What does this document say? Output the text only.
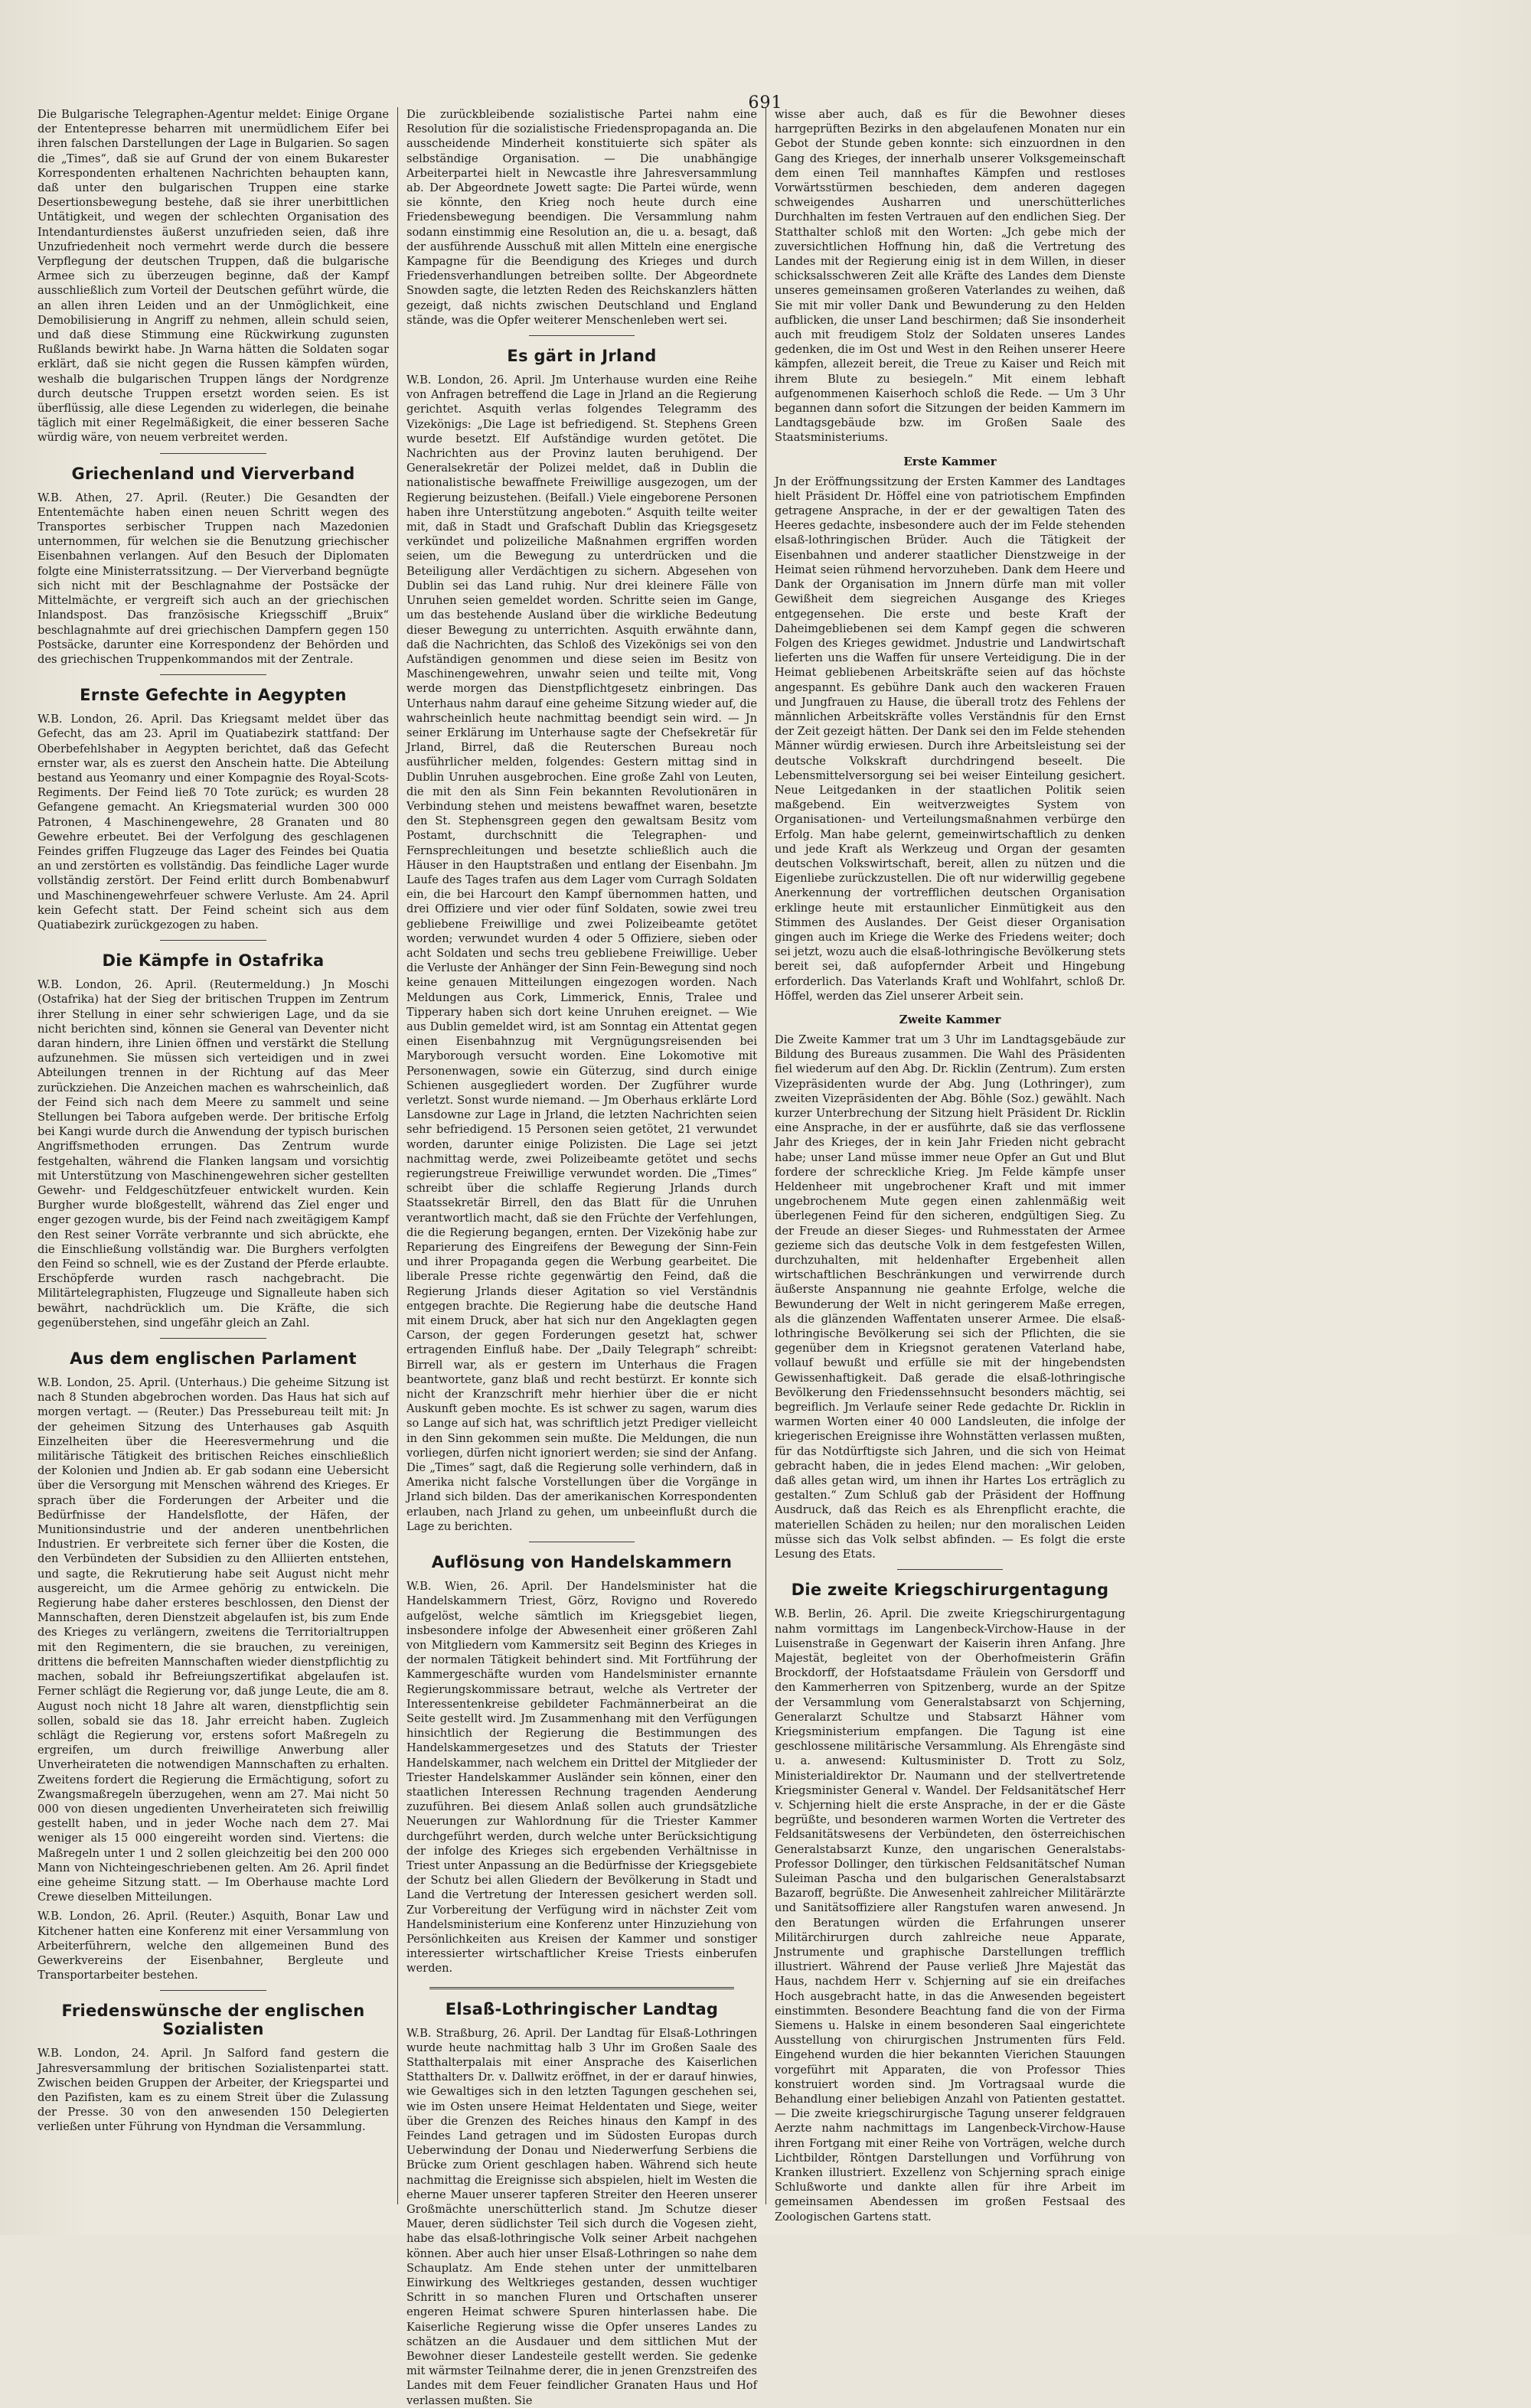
691

Die Bulgarische Telegraphen-Agentur meldet: Einige Organe der Ententepresse beharren mit unermüdlichem Eifer bei ihren falschen Darstellungen der Lage in Bulgarien. So sagen die „Times“, daß sie auf Grund der von einem Bukarester Korrespondenten erhaltenen Nachrichten behaupten kann, daß unter den bulgarischen Truppen eine starke Desertionsbewegung bestehe, daß sie ihrer unerbittlichen Untätigkeit, und wegen der schlechten Organisation des Intendanturdienstes äußerst unzufrieden seien, daß ihre Unzufriedenheit noch vermehrt werde durch die bessere Verpflegung der deutschen Truppen, daß die bulgarische Armee sich zu überzeugen beginne, daß der Kampf ausschließlich zum Vorteil der Deutschen geführt würde, die an allen ihren Leiden und an der Unmöglichkeit, eine Demobilisierung in Angriff zu nehmen, allein schuld seien, und daß diese Stimmung eine Rückwirkung zugunsten Rußlands bewirkt habe. Jn Warna hätten die Soldaten sogar erklärt, daß sie nicht gegen die Russen kämpfen würden, weshalb die bulgarischen Truppen längs der Nordgrenze durch deutsche Truppen ersetzt worden seien. Es ist überflüssig, alle diese Legenden zu widerlegen, die beinahe täglich mit einer Regelmäßigkeit, die einer besseren Sache würdig wäre, von neuem verbreitet werden.

Griechenland und Vierverband

W.B. Athen, 27. April. (Reuter.) Die Gesandten der Ententemächte haben einen neuen Schritt wegen des Transportes serbischer Truppen nach Mazedonien unternommen, für welchen sie die Benutzung griechischer Eisenbahnen verlangen. Auf den Besuch der Diplomaten folgte eine Ministerratssitzung. — Der Vierverband begnügte sich nicht mit der Beschlagnahme der Postsäcke der Mittelmächte, er vergreift sich auch an der griechischen Inlandspost. Das französische Kriegsschiff „Bruix“ beschlagnahmte auf drei griechischen Dampfern gegen 150 Postsäcke, darunter eine Korrespondenz der Behörden und des griechischen Truppenkommandos mit der Zentrale.

Ernste Gefechte in Aegypten

W.B. London, 26. April. Das Kriegsamt meldet über das Gefecht, das am 23. April im Quatiabezirk stattfand: Der Oberbefehlshaber in Aegypten berichtet, daß das Gefecht ernster war, als es zuerst den Anschein hatte. Die Abteilung bestand aus Yeomanry und einer Kompagnie des Royal-Scots-Regiments. Der Feind ließ 70 Tote zurück; es wurden 28 Gefangene gemacht. An Kriegsmaterial wurden 300 000 Patronen, 4 Maschinengewehre, 28 Granaten und 80 Gewehre erbeutet. Bei der Verfolgung des geschlagenen Feindes griffen Flugzeuge das Lager des Feindes bei Quatia an und zerstörten es vollständig. Das feindliche Lager wurde vollständig zerstört. Der Feind erlitt durch Bombenabwurf und Maschinengewehrfeuer schwere Verluste. Am 24. April kein Gefecht statt. Der Feind scheint sich aus dem Quatiabezirk zurückgezogen zu haben.

Die Kämpfe in Ostafrika

W.B. London, 26. April. (Reutermeldung.) Jn Moschi (Ostafrika) hat der Sieg der britischen Truppen im Zentrum ihrer Stellung in einer sehr schwierigen Lage, und da sie nicht berichten sind, können sie General van Deventer nicht daran hindern, ihre Linien öffnen und verstärkt die Stellung aufzunehmen. Sie müssen sich verteidigen und in zwei Abteilungen trennen in der Richtung auf das Meer zurückziehen. Die Anzeichen machen es wahrscheinlich, daß der Feind sich nach dem Meere zu sammelt und seine Stellungen bei Tabora aufgeben werde. Der britische Erfolg bei Kangi wurde durch die Anwendung der typisch burischen Angriffsmethoden errungen. Das Zentrum wurde festgehalten, während die Flanken langsam und vorsichtig mit Unterstützung von Maschinengewehren sicher gestellten Gewehr- und Feldgeschützfeuer entwickelt wurden. Kein Burgher wurde bloßgestellt, während das Ziel enger und enger gezogen wurde, bis der Feind nach zweitägigem Kampf den Rest seiner Vorräte verbrannte und sich abrückte, ehe die Einschließung vollständig war. Die Burghers verfolgten den Feind so schnell, wie es der Zustand der Pferde erlaubte. Erschöpferde wurden rasch nachgebracht. Die Militärtelegraphisten, Flugzeuge und Signalleute haben sich bewährt, nachdrücklich um. Die Kräfte, die sich gegenüberstehen, sind ungefähr gleich an Zahl.

Aus dem englischen Parlament

W.B. London, 25. April. (Unterhaus.) Die geheime Sitzung ist nach 8 Stunden abgebrochen worden. Das Haus hat sich auf morgen vertagt. — (Reuter.) Das Pressebureau teilt mit: Jn der geheimen Sitzung des Unterhauses gab Asquith Einzelheiten über die Heeresvermehrung und die militärische Tätigkeit des britischen Reiches einschließlich der Kolonien und Jndien ab. Er gab sodann eine Uebersicht über die Versorgung mit Menschen während des Krieges. Er sprach über die Forderungen der Arbeiter und die Bedürfnisse der Handelsflotte, der Häfen, der Munitionsindustrie und der anderen unentbehrlichen Industrien. Er verbreitete sich ferner über die Kosten, die den Verbündeten der Subsidien zu den Alliierten entstehen, und sagte, die Rekrutierung habe seit August nicht mehr ausgereicht, um die Armee gehörig zu entwickeln. Die Regierung habe daher ersteres beschlossen, den Dienst der Mannschaften, deren Dienstzeit abgelaufen ist, bis zum Ende des Krieges zu verlängern, zweitens die Territorialtruppen mit den Regimentern, die sie brauchen, zu vereinigen, drittens die befreiten Mannschaften wieder dienstpflichtig zu machen, sobald ihr Befreiungszertifikat abgelaufen ist. Ferner schlägt die Regierung vor, daß junge Leute, die am 8. August noch nicht 18 Jahre alt waren, dienstpflichtig sein sollen, sobald sie das 18. Jahr erreicht haben. Zugleich schlägt die Regierung vor, erstens sofort Maßregeln zu ergreifen, um durch freiwillige Anwerbung aller Unverheirateten die notwendigen Mannschaften zu erhalten. Zweitens fordert die Regierung die Ermächtigung, sofort zu Zwangsmaßregeln überzugehen, wenn am 27. Mai nicht 50 000 von diesen ungedienten Unverheirateten sich freiwillig gestellt haben, und in jeder Woche nach dem 27. Mai weniger als 15 000 eingereiht worden sind. Viertens: die Maßregeln unter 1 und 2 sollen gleichzeitig bei den 200 000 Mann von Nichteingeschriebenen gelten. Am 26. April findet eine geheime Sitzung statt. — Im Oberhause machte Lord Crewe dieselben Mitteilungen.

W.B. London, 26. April. (Reuter.) Asquith, Bonar Law und Kitchener hatten eine Konferenz mit einer Versammlung von Arbeiterführern, welche den allgemeinen Bund des Gewerkvereins der Eisenbahner, Bergleute und Transportarbeiter bestehen.

Friedenswünsche der englischen Sozialisten

W.B. London, 24. April. Jn Salford fand gestern die Jahresversammlung der britischen Sozialistenpartei statt. Zwischen beiden Gruppen der Arbeiter, der Kriegspartei und den Pazifisten, kam es zu einem Streit über die Zulassung der Presse. 30 von den anwesenden 150 Delegierten verließen unter Führung von Hyndman die Versammlung.

Die zurückbleibende sozialistische Partei nahm eine Resolution für die sozialistische Friedenspropaganda an. Die ausscheidende Minderheit konstituierte sich später als selbständige Organisation. — Die unabhängige Arbeiterpartei hielt in Newcastle ihre Jahresversammlung ab. Der Abgeordnete Jowett sagte: Die Partei würde, wenn sie könnte, den Krieg noch heute durch eine Friedensbewegung beendigen. Die Versammlung nahm sodann einstimmig eine Resolution an, die u. a. besagt, daß der ausführende Ausschuß mit allen Mitteln eine energische Kampagne für die Beendigung des Krieges und durch Friedensverhandlungen betreiben sollte. Der Abgeordnete Snowden sagte, die letzten Reden des Reichskanzlers hätten gezeigt, daß nichts zwischen Deutschland und England stände, was die Opfer weiterer Menschenleben wert sei.

Es gärt in Jrland

W.B. London, 26. April. Jm Unterhause wurden eine Reihe von Anfragen betreffend die Lage in Jrland an die Regierung gerichtet. Asquith verlas folgendes Telegramm des Vizekönigs: „Die Lage ist befriedigend. St. Stephens Green wurde besetzt. Elf Aufständige wurden getötet. Die Nachrichten aus der Provinz lauten beruhigend. Der Generalsekretär der Polizei meldet, daß in Dublin die nationalistische bewaffnete Freiwillige ausgezogen, um der Regierung beizustehen. (Beifall.) Viele eingeborene Personen haben ihre Unterstützung angeboten.“ Asquith teilte weiter mit, daß in Stadt und Grafschaft Dublin das Kriegsgesetz verkündet und polizeiliche Maßnahmen ergriffen worden seien, um die Bewegung zu unterdrücken und die Beteiligung aller Verdächtigen zu sichern. Abgesehen von Dublin sei das Land ruhig. Nur drei kleinere Fälle von Unruhen seien gemeldet worden. Schritte seien im Gange, um das bestehende Ausland über die wirkliche Bedeutung dieser Bewegung zu unterrichten. Asquith erwähnte dann, daß die Nachrichten, das Schloß des Vizekönigs sei von den Aufständigen genommen und diese seien im Besitz von Maschinengewehren, unwahr seien und teilte mit, Vong werde morgen das Dienstpflichtgesetz einbringen. Das Unterhaus nahm darauf eine geheime Sitzung wieder auf, die wahrscheinlich heute nachmittag beendigt sein wird. — Jn seiner Erklärung im Unterhause sagte der Chefsekretär für Jrland, Birrel, daß die Reuterschen Bureau noch ausführlicher melden, folgendes: Gestern mittag sind in Dublin Unruhen ausgebrochen. Eine große Zahl von Leuten, die mit den als Sinn Fein bekannten Revolutionären in Verbindung stehen und meistens bewaffnet waren, besetzte den St. Stephensgreen gegen den gewaltsam Besitz vom Postamt, durchschnitt die Telegraphen- und Fernsprechleitungen und besetzte schließlich auch die Häuser in den Hauptstraßen und entlang der Eisenbahn. Jm Laufe des Tages trafen aus dem Lager vom Curragh Soldaten ein, die bei Harcourt den Kampf übernommen hatten, und drei Offiziere und vier oder fünf Soldaten, sowie zwei treu gebliebene Freiwillige und zwei Polizeibeamte getötet worden; verwundet wurden 4 oder 5 Offiziere, sieben oder acht Soldaten und sechs treu gebliebene Freiwillige. Ueber die Verluste der Anhänger der Sinn Fein-Bewegung sind noch keine genauen Mitteilungen eingezogen worden. Nach Meldungen aus Cork, Limmerick, Ennis, Tralee und Tipperary haben sich dort keine Unruhen ereignet. — Wie aus Dublin gemeldet wird, ist am Sonntag ein Attentat gegen einen Eisenbahnzug mit Vergnügungsreisenden bei Maryborough versucht worden. Eine Lokomotive mit Personenwagen, sowie ein Güterzug, sind durch einige Schienen ausgegliedert worden. Der Zugführer wurde verletzt. Sonst wurde niemand. — Jm Oberhaus erklärte Lord Lansdowne zur Lage in Jrland, die letzten Nachrichten seien sehr befriedigend. 15 Personen seien getötet, 21 verwundet worden, darunter einige Polizisten. Die Lage sei jetzt nachmittag werde, zwei Polizeibeamte getötet und sechs regierungstreue Freiwillige verwundet worden. Die „Times“ schreibt über die schlaffe Regierung Jrlands durch Staatssekretär Birrell, den das Blatt für die Unruhen verantwortlich macht, daß sie den Früchte der Verfehlungen, die die Regierung begangen, ernten. Der Vizekönig habe zur Reparierung des Eingreifens der Bewegung der Sinn-Fein und ihrer Propaganda gegen die Werbung gearbeitet. Die liberale Presse richte gegenwärtig den Feind, daß die Regierung Jrlands dieser Agitation so viel Verständnis entgegen brachte. Die Regierung habe die deutsche Hand mit einem Druck, aber hat sich nur den Angeklagten gegen Carson, der gegen Forderungen gesetzt hat, schwer ertragenden Einfluß habe. Der „Daily Telegraph“ schreibt: Birrell war, als er gestern im Unterhaus die Fragen beantwortete, ganz blaß und recht bestürzt. Er konnte sich nicht der Kranzschrift mehr hierhier über die er nicht Auskunft geben mochte. Es ist schwer zu sagen, warum dies so Lange auf sich hat, was schriftlich jetzt Prediger vielleicht in den Sinn gekommen sein mußte. Die Meldungen, die nun vorliegen, dürfen nicht ignoriert werden; sie sind der Anfang. Die „Times“ sagt, daß die Regierung solle verhindern, daß in Amerika nicht falsche Vorstellungen über die Vorgänge in Jrland sich bilden. Das der amerikanischen Korrespondenten erlauben, nach Jrland zu gehen, um unbeeinflußt durch die Lage zu berichten.

Auflösung von Handelskammern

W.B. Wien, 26. April. Der Handelsminister hat die Handelskammern Triest, Görz, Rovigno und Roveredo aufgelöst, welche sämtlich im Kriegsgebiet liegen, insbesondere infolge der Abwesenheit einer größeren Zahl von Mitgliedern vom Kammersitz seit Beginn des Krieges in der normalen Tätigkeit behindert sind. Mit Fortführung der Kammergeschäfte wurden vom Handelsminister ernannte Regierungskommissare betraut, welche als Vertreter der Interessentenkreise gebildeter Fachmännerbeirat an die Seite gestellt wird. Jm Zusammenhang mit den Verfügungen hinsichtlich der Regierung die Bestimmungen des Handelskammergesetzes und des Statuts der Triester Handelskammer, nach welchem ein Drittel der Mitglieder der Triester Handelskammer Ausländer sein können, einer den staatlichen Interessen Rechnung tragenden Aenderung zuzuführen. Bei diesem Anlaß sollen auch grundsätzliche Neuerungen zur Wahlordnung für die Triester Kammer durchgeführt werden, durch welche unter Berücksichtigung der infolge des Krieges sich ergebenden Verhältnisse in Triest unter Anpassung an die Bedürfnisse der Kriegsgebiete der Schutz bei allen Gliedern der Bevölkerung in Stadt und Land die Vertretung der Interessen gesichert werden soll. Zur Vorbereitung der Verfügung wird in nächster Zeit vom Handelsministerium eine Konferenz unter Hinzuziehung von Persönlichkeiten aus Kreisen der Kammer und sonstiger interessierter wirtschaftlicher Kreise Triests einberufen werden.

Elsaß-Lothringischer Landtag

W.B. Straßburg, 26. April. Der Landtag für Elsaß-Lothringen wurde heute nachmittag halb 3 Uhr im Großen Saale des Statthalterpalais mit einer Ansprache des Kaiserlichen Statthalters Dr. v. Dallwitz eröffnet, in der er darauf hinwies, wie Gewaltiges sich in den letzten Tagungen geschehen sei, wie im Osten unsere Heimat Heldentaten und Siege, weiter über die Grenzen des Reiches hinaus den Kampf in des Feindes Land getragen und im Südosten Europas durch Ueberwindung der Donau und Niederwerfung Serbiens die Brücke zum Orient geschlagen haben. Während sich heute nachmittag die Ereignisse sich abspielen, hielt im Westen die eherne Mauer unserer tapferen Streiter den Heeren unserer Großmächte unerschütterlich stand. Jm Schutze dieser Mauer, deren südlichster Teil sich durch die Vogesen zieht, habe das elsaß-lothringische Volk seiner Arbeit nachgehen können. Aber auch hier unser Elsaß-Lothringen so nahe dem Schauplatz. Am Ende stehen unter der unmittelbaren Einwirkung des Weltkrieges gestanden, dessen wuchtiger Schritt in so manchen Fluren und Ortschaften unserer engeren Heimat schwere Spuren hinterlassen habe. Die Kaiserliche Regierung wisse die Opfer unseres Landes zu schätzen an die Ausdauer und dem sittlichen Mut der Bewohner dieser Landesteile gestellt werden. Sie gedenke mit wärmster Teilnahme derer, die in jenen Grenzstreifen des Landes mit dem Feuer feindlicher Granaten Haus und Hof verlassen mußten. Sie

wisse aber auch, daß es für die Bewohner dieses harrgeprüften Bezirks in den abgelaufenen Monaten nur ein Gebot der Stunde geben konnte: sich einzuordnen in den Gang des Krieges, der innerhalb unserer Volksgemeinschaft dem einen Teil mannhaftes Kämpfen und restloses Vorwärtsstürmen beschieden, dem anderen dagegen schweigendes Ausharren und unerschütterliches Durchhalten im festen Vertrauen auf den endlichen Sieg. Der Statthalter schloß mit den Worten: „Jch gebe mich der zuversichtlichen Hoffnung hin, daß die Vertretung des Landes mit der Regierung einig ist in dem Willen, in dieser schicksalsschweren Zeit alle Kräfte des Landes dem Dienste unseres gemeinsamen großeren Vaterlandes zu weihen, daß Sie mit mir voller Dank und Bewunderung zu den Helden aufblicken, die unser Land beschirmen; daß Sie insonderheit auch mit freudigem Stolz der Soldaten unseres Landes gedenken, die im Ost und West in den Reihen unserer Heere kämpfen, allezeit bereit, die Treue zu Kaiser und Reich mit ihrem Blute zu besiegeln.“ Mit einem lebhaft aufgenommenen Kaiserhoch schloß die Rede. — Um 3 Uhr begannen dann sofort die Sitzungen der beiden Kammern im Landtagsgebäude bzw. im Großen Saale des Staatsministeriums.

Erste Kammer

Jn der Eröffnungssitzung der Ersten Kammer des Landtages hielt Präsident Dr. Höffel eine von patriotischem Empfinden getragene Ansprache, in der er der gewaltigen Taten des Heeres gedachte, insbesondere auch der im Felde stehenden elsaß-lothringischen Brüder. Auch die Tätigkeit der Eisenbahnen und anderer staatlicher Dienstzweige in der Heimat seien rühmend hervorzuheben. Dank dem Heere und Dank der Organisation im Jnnern dürfe man mit voller Gewißheit dem siegreichen Ausgange des Krieges entgegensehen. Die erste und beste Kraft der Daheimgebliebenen sei dem Kampf gegen die schweren Folgen des Krieges gewidmet. Jndustrie und Landwirtschaft lieferten uns die Waffen für unsere Verteidigung. Die in der Heimat gebliebenen Arbeitskräfte seien auf das höchste angespannt. Es gebühre Dank auch den wackeren Frauen und Jungfrauen zu Hause, die überall trotz des Fehlens der männlichen Arbeitskräfte volles Verständnis für den Ernst der Zeit gezeigt hätten. Der Dank sei den im Felde stehenden Männer würdig erwiesen. Durch ihre Arbeitsleistung sei der deutsche Volkskraft durchdringend beseelt. Die Lebensmittelversorgung sei bei weiser Einteilung gesichert. Neue Leitgedanken in der staatlichen Politik seien maßgebend. Ein weitverzweigtes System von Organisationen- und Verteilungsmaßnahmen verbürge den Erfolg. Man habe gelernt, gemeinwirtschaftlich zu denken und jede Kraft als Werkzeug und Organ der gesamten deutschen Volkswirtschaft, bereit, allen zu nützen und die Eigenliebe zurückzustellen. Die oft nur widerwillig gegebene Anerkennung der vortrefflichen deutschen Organisation erklinge heute mit erstaunlicher Einmütigkeit aus den Stimmen des Auslandes. Der Geist dieser Organisation gingen auch im Kriege die Werke des Friedens weiter; doch sei jetzt, wozu auch die elsaß-lothringische Bevölkerung stets bereit sei, daß aufopfernder Arbeit und Hingebung erforderlich. Das Vaterlands Kraft und Wohlfahrt, schloß Dr. Höffel, werden das Ziel unserer Arbeit sein.

Zweite Kammer

Die Zweite Kammer trat um 3 Uhr im Landtagsgebäude zur Bildung des Bureaus zusammen. Die Wahl des Präsidenten fiel wiederum auf den Abg. Dr. Ricklin (Zentrum). Zum ersten Vizepräsidenten wurde der Abg. Jung (Lothringer), zum zweiten Vizepräsidenten der Abg. Böhle (Soz.) gewählt. Nach kurzer Unterbrechung der Sitzung hielt Präsident Dr. Ricklin eine Ansprache, in der er ausführte, daß sie das verflossene Jahr des Krieges, der in kein Jahr Frieden nicht gebracht habe; unser Land müsse immer neue Opfer an Gut und Blut fordere der schreckliche Krieg. Jm Felde kämpfe unser Heldenheer mit ungebrochener Kraft und mit immer ungebrochenem Mute gegen einen zahlenmäßig weit überlegenen Feind für den sicheren, endgültigen Sieg. Zu der Freude an dieser Sieges- und Ruhmesstaten der Armee gezieme sich das deutsche Volk in dem festgefesten Willen, durchzuhalten, mit heldenhafter Ergebenheit allen wirtschaftlichen Beschränkungen und verwirrende durch äußerste Anspannung nie geahnte Erfolge, welche die Bewunderung der Welt in nicht geringerem Maße erregen, als die glänzenden Waffentaten unserer Armee. Die elsaß-lothringische Bevölkerung sei sich der Pflichten, die sie gegenüber dem in Kriegsnot geratenen Vaterland habe, vollauf bewußt und erfülle sie mit der hingebendsten Gewissenhaftigkeit. Daß gerade die elsaß-lothringische Bevölkerung den Friedenssehnsucht besonders mächtig, sei begreiflich. Jm Verlaufe seiner Rede gedachte Dr. Ricklin in warmen Worten einer 40 000 Landsleuten, die infolge der kriegerischen Ereignisse ihre Wohnstätten verlassen mußten, für das Notdürftigste sich Jahren, und die sich von Heimat gebracht haben, die in jedes Elend machen: „Wir geloben, daß alles getan wird, um ihnen ihr Hartes Los erträglich zu gestalten.“ Zum Schluß gab der Präsident der Hoffnung Ausdruck, daß das Reich es als Ehrenpflicht erachte, die materiellen Schäden zu heilen; nur den moralischen Leiden müsse sich das Volk selbst abfinden. — Es folgt die erste Lesung des Etats.

Die zweite Kriegschirurgentagung

W.B. Berlin, 26. April. Die zweite Kriegschirurgentagung nahm vormittags im Langenbeck-Virchow-Hause in der Luisenstraße in Gegenwart der Kaiserin ihren Anfang. Jhre Majestät, begleitet von der Oberhofmeisterin Gräfin Brockdorff, der Hofstaatsdame Fräulein von Gersdorff und den Kammerherren von Spitzenberg, wurde an der Spitze der Versammlung vom Generalstabsarzt von Schjerning, Generalarzt Schultze und Stabsarzt Hähner vom Kriegsministerium empfangen. Die Tagung ist eine geschlossene militärische Versammlung. Als Ehrengäste sind u. a. anwesend: Kultusminister D. Trott zu Solz, Ministerialdirektor Dr. Naumann und der stellvertretende Kriegsminister General v. Wandel. Der Feldsanitätschef Herr v. Schjerning hielt die erste Ansprache, in der er die Gäste begrüßte, und besonderen warmen Worten die Vertreter des Feldsanitätswesens der Verbündeten, den österreichischen Generalstabsarzt Kunze, den ungarischen Generalstabs-Professor Dollinger, den türkischen Feldsanitätschef Numan Suleiman Pascha und den bulgarischen Generalstabsarzt Bazaroff, begrüßte. Die Anwesenheit zahlreicher Militärärzte und Sanitätsoffiziere aller Rangstufen waren anwesend. Jn den Beratungen würden die Erfahrungen unserer Militärchirurgen durch zahlreiche neue Apparate, Jnstrumente und graphische Darstellungen trefflich illustriert. Während der Pause verließ Jhre Majestät das Haus, nachdem Herr v. Schjerning auf sie ein dreifaches Hoch ausgebracht hatte, in das die Anwesenden begeistert einstimmten. Besondere Beachtung fand die von der Firma Siemens u. Halske in einem besonderen Saal eingerichtete Ausstellung von chirurgischen Jnstrumenten fürs Feld. Eingehend wurden die hier bekannten Vierichen Stauungen vorgeführt mit Apparaten, die von Professor Thies konstruiert worden sind. Jm Vortragsaal wurde die Behandlung einer beliebigen Anzahl von Patienten gestattet. — Die zweite kriegschirurgische Tagung unserer feldgrauen Aerzte nahm nachmittags im Langenbeck-Virchow-Hause ihren Fortgang mit einer Reihe von Vorträgen, welche durch Lichtbilder, Röntgen Darstellungen und Vorführung von Kranken illustriert. Exzellenz von Schjerning sprach einige Schlußworte und dankte allen für ihre Arbeit im gemeinsamen Abendessen im großen Festsaal des Zoologischen Gartens statt.
